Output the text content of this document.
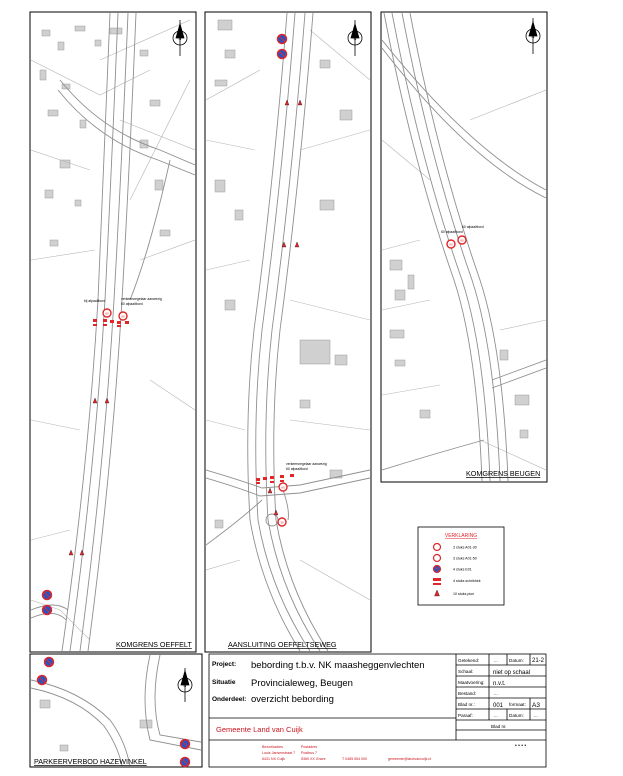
N	N	N
N
60
60
60
30
60
60
bij afpaaltbord	verkeersregelaar aanwezig
60 afpaaltbord
verkeersregelaar aanwezig
60 afpaaltbord
60 afpaaltbord
60 afpaaltbord
KOMGRENS OEFFELT	AANSLUITING OEFFELTSEWEG
KOMGRENS BEUGEN
PARKEERVERBOD HAZEWINKEL
VERKLARING
3 stuks A01-30
3 stuks A01-50
4 stuks E01
4 stuks schrikhek
10 stuks pion
Project: bebording t.b.v. NK maasheggenvlechten
Situatie Provincialeweg, Beugen
Onderdeel: overzicht bebording
Gemeente Land van Cuijk
Getekend:	... Datum: 21-2
Schaal:	niet op schaal
Maatvoering: n.v.t.
Bestand:	...
Blad nr.:	001 formaat: A3
Paraaf:	... Datum: ...
Blad nr.
• • • •
Bezoekadres	Postadres
Louis Jansenstraat 7 Postbus 7
5431 NX Cuijk	5360 XX Grave	T 0485 554 000	gemeente@landvancuijk.nl
